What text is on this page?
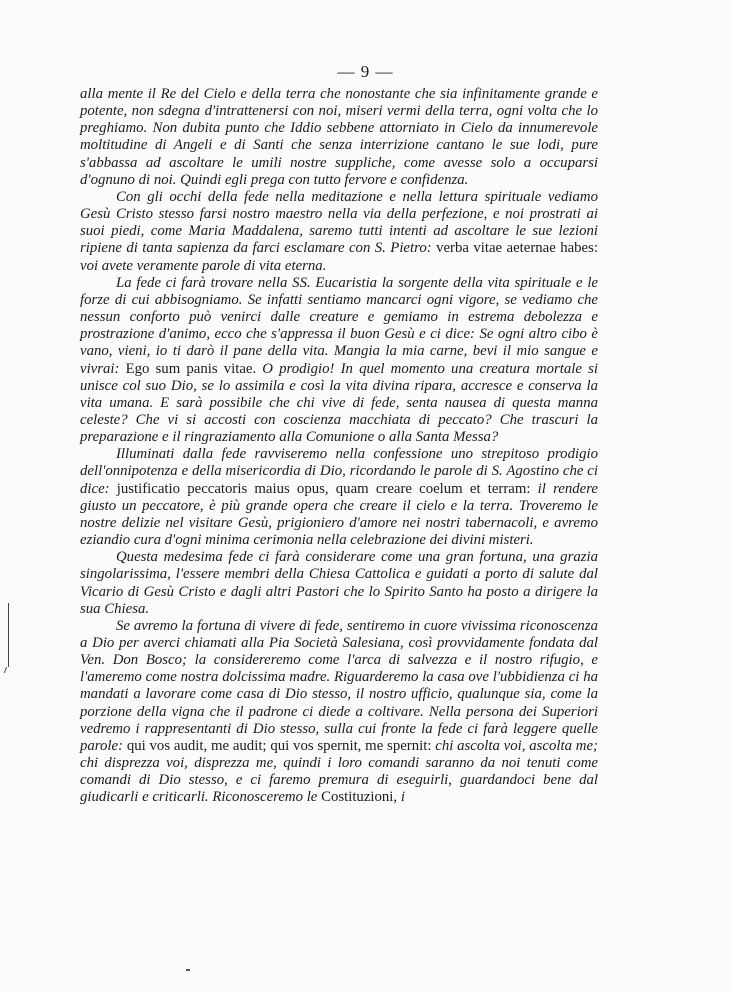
— 9 —

alla mente il Re del Cielo e della terra che nonostante che sia infinitamente grande e potente, non sdegna d'intrattenersi con noi, miseri vermi della terra, ogni volta che lo preghiamo. Non dubita punto che Iddio sebbene attorniato in Cielo da innumerevole moltitudine di Angeli e di Santi che senza interrizione cantano le sue lodi, pure s'abbassa ad ascoltare le umili nostre suppliche, come avesse solo a occuparsi d'ognuno di noi. Quindi egli prega con tutto fervore e confidenza.

Con gli occhi della fede nella meditazione e nella lettura spirituale vediamo Gesù Cristo stesso farsi nostro maestro nella via della perfezione, e noi prostrati ai suoi piedi, come Maria Maddalena, saremo tutti intenti ad ascoltare le sue lezioni ripiene di tanta sapienza da farci esclamare con S. Pietro: verba vitae aeternae habes: voi avete veramente parole di vita eterna.

La fede ci farà trovare nella SS. Eucaristia la sorgente della vita spirituale e le forze di cui abbisogniamo. Se infatti sentiamo mancarci ogni vigore, se vediamo che nessun conforto può venirci dalle creature e gemiamo in estrema debolezza e prostrazione d'animo, ecco che s'appressa il buon Gesù e ci dice: Se ogni altro cibo è vano, vieni, io ti darò il pane della vita. Mangia la mia carne, bevi il mio sangue e vivrai: Ego sum panis vitae. O prodigio! In quel momento una creatura mortale si unisce col suo Dio, se lo assimila e così la vita divina ripara, accresce e conserva la vita umana. E sarà possibile che chi vive di fede, senta nausea di questa manna celeste? Che vi si accosti con coscienza macchiata di peccato? Che trascuri la preparazione e il ringraziamento alla Comunione o alla Santa Messa?

Illuminati dalla fede ravviseremo nella confessione uno strepitoso prodigio dell'onnipotenza e della misericordia di Dio, ricordando le parole di S. Agostino che ci dice: justificatio peccatoris maius opus, quam creare coelum et terram: il rendere giusto un peccatore, è più grande opera che creare il cielo e la terra. Troveremo le nostre delizie nel visitare Gesù, prigioniero d'amore nei nostri tabernacoli, e avremo eziandio cura d'ogni minima cerimonia nella celebrazione dei divini misteri.

Questa medesima fede ci farà considerare come una gran fortuna, una grazia singolarissima, l'essere membri della Chiesa Cattolica e guidati a porto di salute dal Vicario di Gesù Cristo e dagli altri Pastori che lo Spirito Santo ha posto a dirigere la sua Chiesa.

Se avremo la fortuna di vivere di fede, sentiremo in cuore vivissima riconoscenza a Dio per averci chiamati alla Pia Società Salesiana, così provvidamente fondata dal Ven. Don Bosco; la considereremo come l'arca di salvezza e il nostro rifugio, e l'ameremo come nostra dolcissima madre. Riguarderemo la casa ove l'ubbidienza ci ha mandati a lavorare come casa di Dio stesso, il nostro ufficio, qualunque sia, come la porzione della vigna che il padrone ci diede a coltivare. Nella persona dei Superiori vedremo i rappresentanti di Dio stesso, sulla cui fronte la fede ci farà leggere quelle parole: qui vos audit, me audit; qui vos spernit, me spernit: chi ascolta voi, ascolta me; chi disprezza voi, disprezza me, quindi i loro comandi saranno da noi tenuti come comandi di Dio stesso, e ci faremo premura di eseguirli, guardandoci bene dal giudicarli e criticarli. Riconosceremo le Costituzioni, i
